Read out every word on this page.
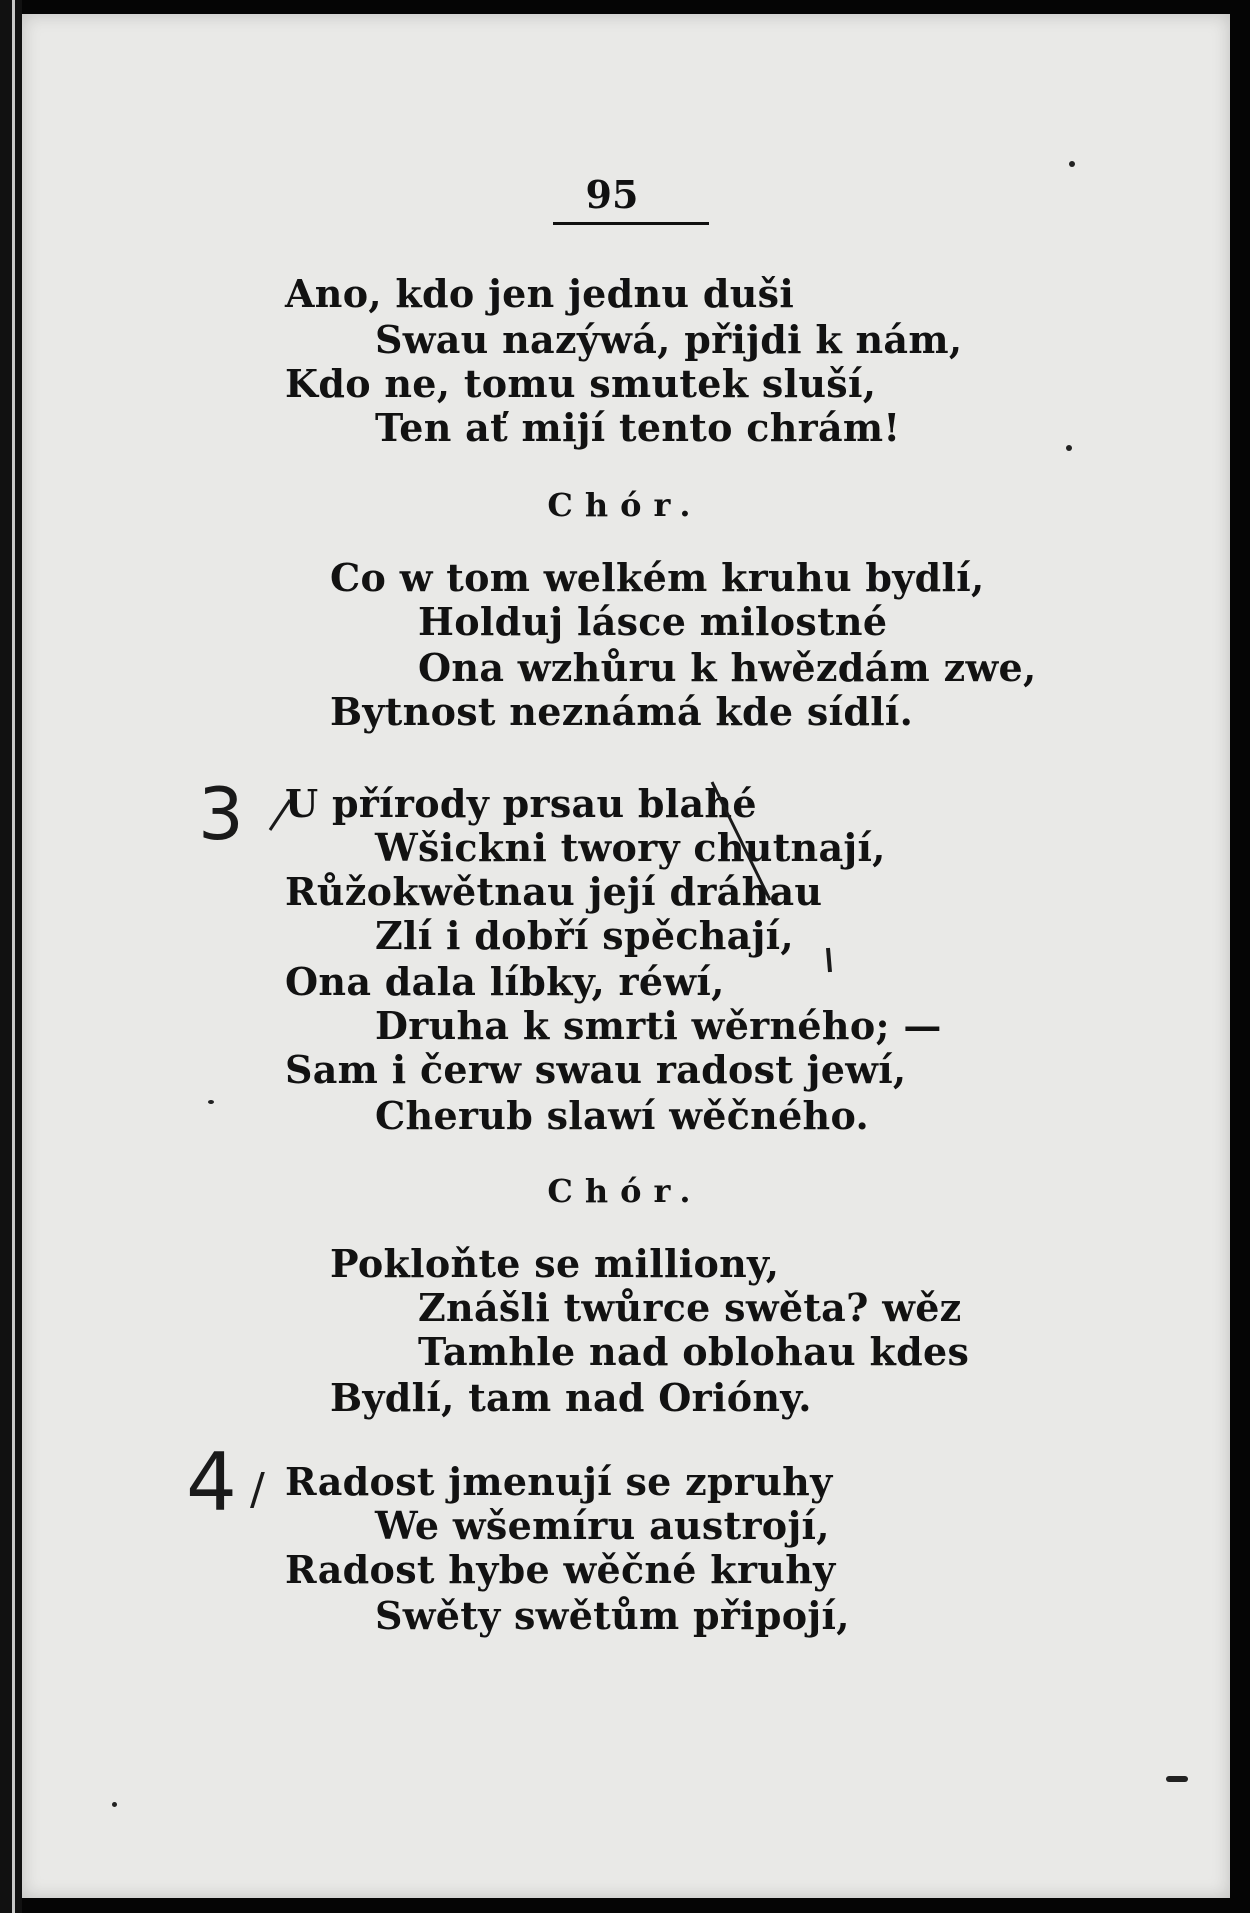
95
Ano, kdo jen jednu duši
Swau nazýwá, přijdi k nám,
Kdo ne, tomu smutek sluší,
Ten ať mijí tento chrám!
Chór.
Co w tom welkém kruhu bydlí,
Holduj lásce milostné
Ona wzhůru k hwězdám zwe,
Bytnost neznámá kde sídlí.
3 U přírody prsau blahé
Wšickni twory chutnají,
Růžokwětnau její dráhau
Zlí i dobří spěchají,
Ona dala líbky, réwí,
Druha k smrti wěrného; —
Sam i čerw swau radost jewí,
Cherub slawí wěčného.
Chór.
Pokloňte se milliony,
Znášli twůrce swěta? wěz
Tamhle nad oblohau kdes
Bydlí, tam nad Orióny.
4 / Radost jmenují se zpruhy
We wšemíru austrojí,
Radost hybe wěčné kruhy
Swěty swětům připojí,
